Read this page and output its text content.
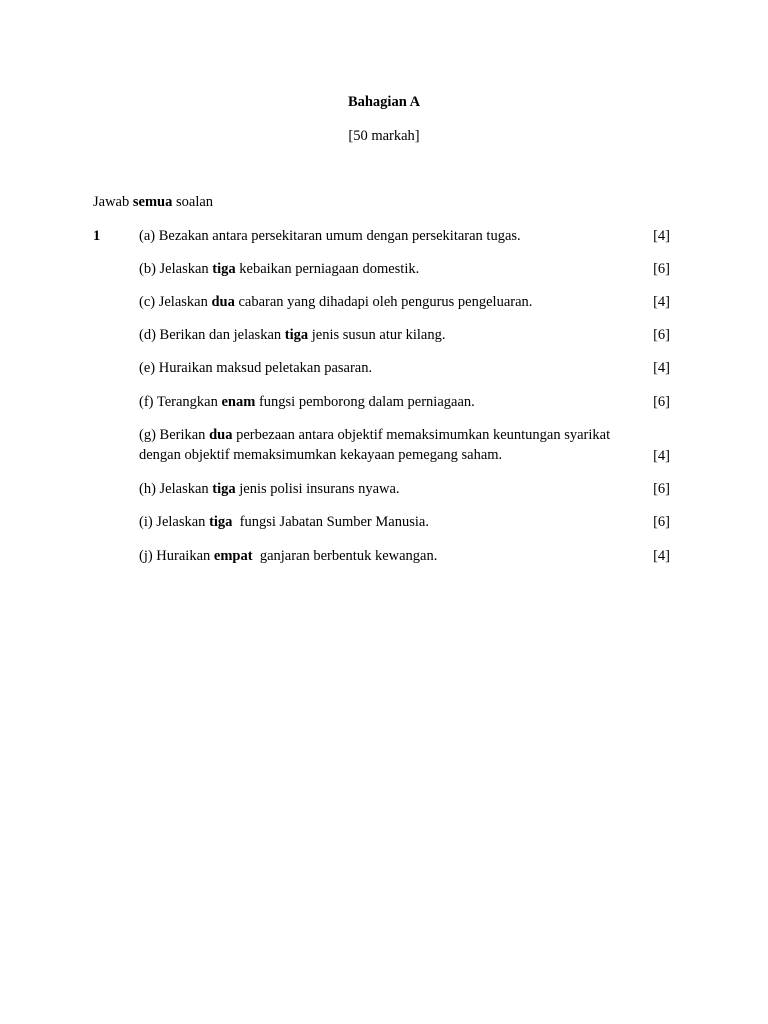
Bahagian A
[50 markah]
Jawab semua soalan
1	(a) Bezakan antara persekitaran umum dengan persekitaran tugas.	[4]
(b) Jelaskan tiga kebaikan perniagaan domestik.	[6]
(c) Jelaskan dua cabaran yang dihadapi oleh pengurus pengeluaran.	[4]
(d) Berikan dan jelaskan tiga jenis susun atur kilang.	[6]
(e) Huraikan maksud peletakan pasaran.	[4]
(f) Terangkan enam fungsi pemborong dalam perniagaan.	[6]
(g) Berikan dua perbezaan antara objektif memaksimumkan keuntungan syarikat dengan objektif memaksimumkan kekayaan pemegang saham.	[4]
(h) Jelaskan tiga jenis polisi insurans nyawa.	[6]
(i) Jelaskan tiga  fungsi Jabatan Sumber Manusia.	[6]
(j) Huraikan empat  ganjaran berbentuk kewangan.	[4]
